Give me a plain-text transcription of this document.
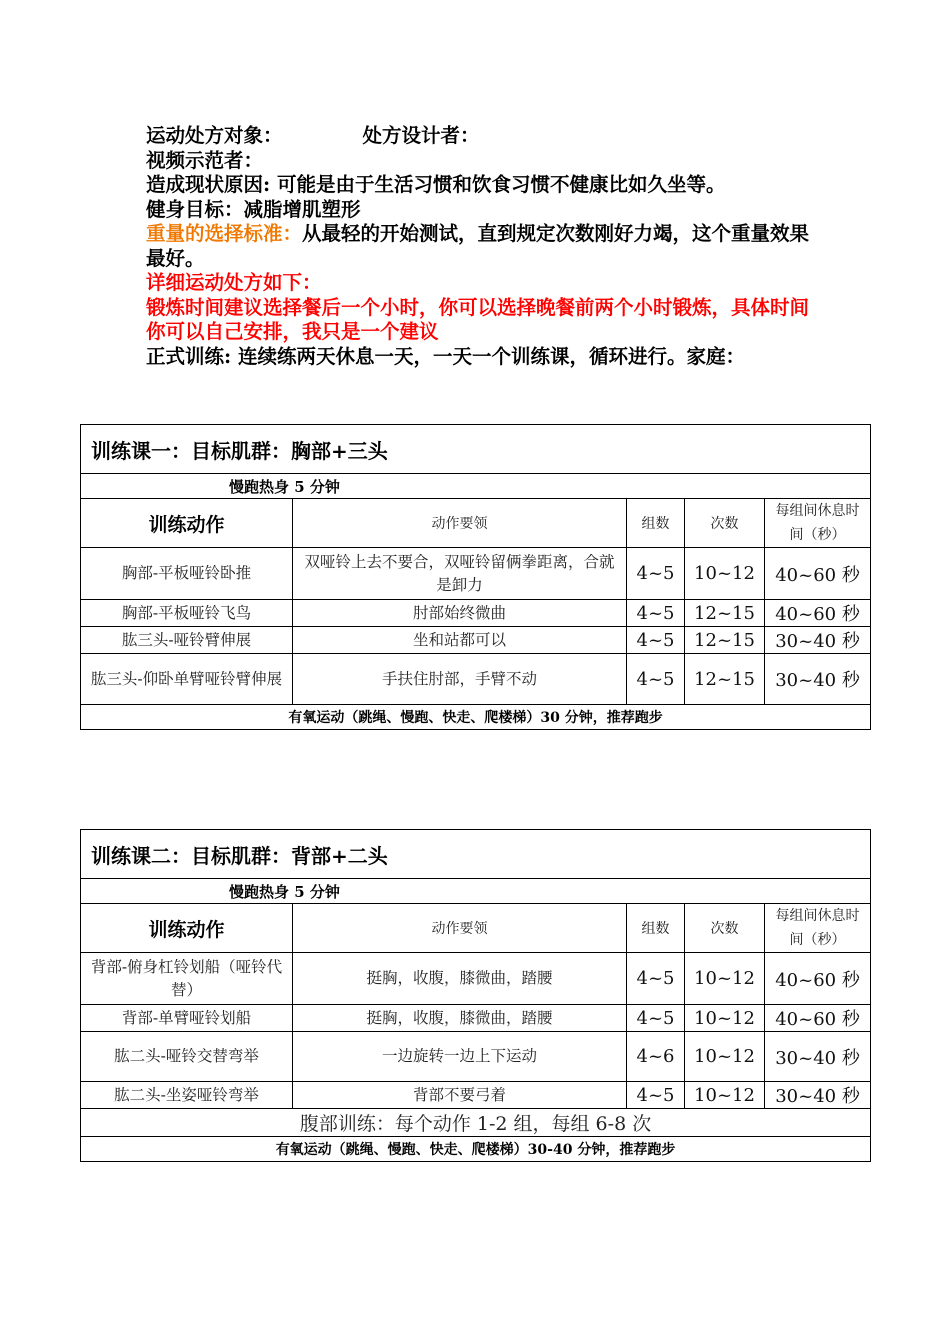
运动处方对象：	处方设计者：

视频示范者：

造成现状原因: 可能是由于生活习惯和饮食习惯不健康比如久坐等。

健身目标：减脂增肌塑形

重量的选择标准：从最轻的开始测试，直到规定次数刚好力竭，这个重量效果最好。

详细运动处方如下：

锻炼时间建议选择餐后一个小时，你可以选择晚餐前两个小时锻炼，具体时间你可以自己安排，我只是一个建议

正式训练: 连续练两天休息一天，一天一个训练课，循环进行。家庭：

训练课一：目标肌群：胸部+三头				
慢跑热身 5 分钟				
训练动作	动作要领	组数	次数	每组间休息时间（秒）
胸部-平板哑铃卧推	双哑铃上去不要合，双哑铃留俩拳距离，合就是卸力	4~5	10~12	40~60 秒
胸部-平板哑铃飞鸟	肘部始终微曲	4~5	12~15	40~60 秒
肱三头-哑铃臂伸展	坐和站都可以	4~5	12~15	30~40 秒
肱三头-仰卧单臂哑铃臂伸展	手扶住肘部，手臂不动	4~5	12~15	30~40 秒
有氧运动（跳绳、慢跑、快走、爬楼梯）30 分钟，推荐跑步				
训练课二：目标肌群：背部+二头				
慢跑热身 5 分钟				
训练动作	动作要领	组数	次数	每组间休息时间（秒）
背部-俯身杠铃划船（哑铃代替）	挺胸，收腹，膝微曲，踏腰	4~5	10~12	40~60 秒
背部-单臂哑铃划船	挺胸，收腹，膝微曲，踏腰	4~5	10~12	40~60 秒
肱二头-哑铃交替弯举	一边旋转一边上下运动	4~6	10~12	30~40 秒
肱二头-坐姿哑铃弯举	背部不要弓着	4~5	10~12	30~40 秒
腹部训练：每个动作 1-2 组，每组 6-8 次				
有氧运动（跳绳、慢跑、快走、爬楼梯）30-40 分钟，推荐跑步				
